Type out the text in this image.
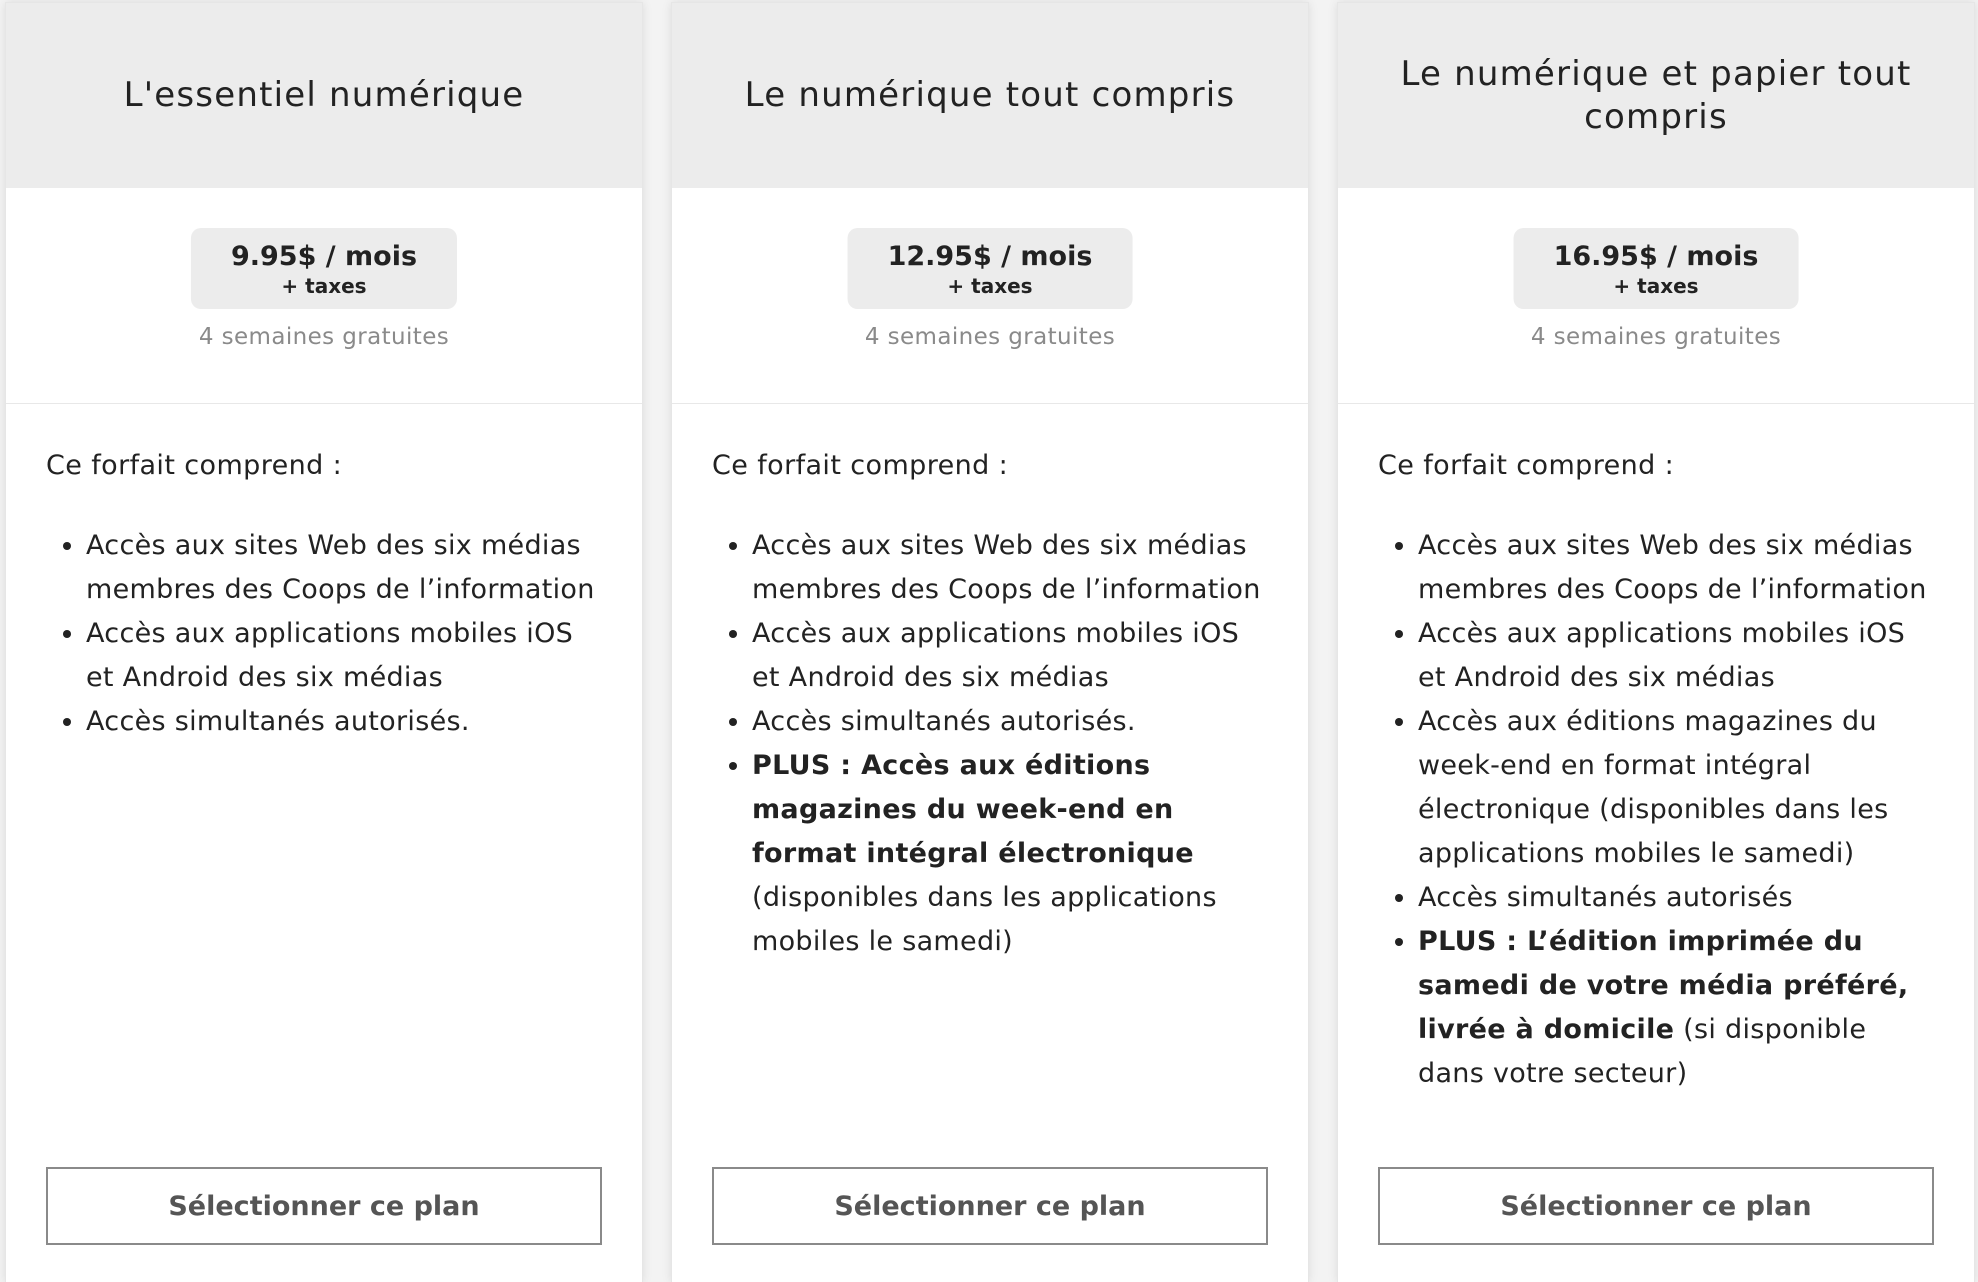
L'essentiel numérique
9.95$ / mois
+ taxes
4 semaines gratuites

Ce forfait comprend :

• Accès aux sites Web des six médias membres des Coops de l’information
• Accès aux applications mobiles iOS et Android des six médias
• Accès simultanés autorisés.
Sélectionner ce plan
Le numérique tout compris
12.95$ / mois
+ taxes
4 semaines gratuites

Ce forfait comprend :

• Accès aux sites Web des six médias membres des Coops de l’information
• Accès aux applications mobiles iOS et Android des six médias
• Accès simultanés autorisés.
• PLUS : Accès aux éditions magazines du week-end en format intégral électronique (disponibles dans les applications mobiles le samedi)
Sélectionner ce plan
Le numérique et papier tout compris
16.95$ / mois
+ taxes
4 semaines gratuites

Ce forfait comprend :

• Accès aux sites Web des six médias membres des Coops de l’information
• Accès aux applications mobiles iOS et Android des six médias
• Accès aux éditions magazines du week-end en format intégral électronique (disponibles dans les applications mobiles le samedi)
• Accès simultanés autorisés
• PLUS : L’édition imprimée du samedi de votre média préféré, livrée à domicile (si disponible dans votre secteur)
Sélectionner ce plan
